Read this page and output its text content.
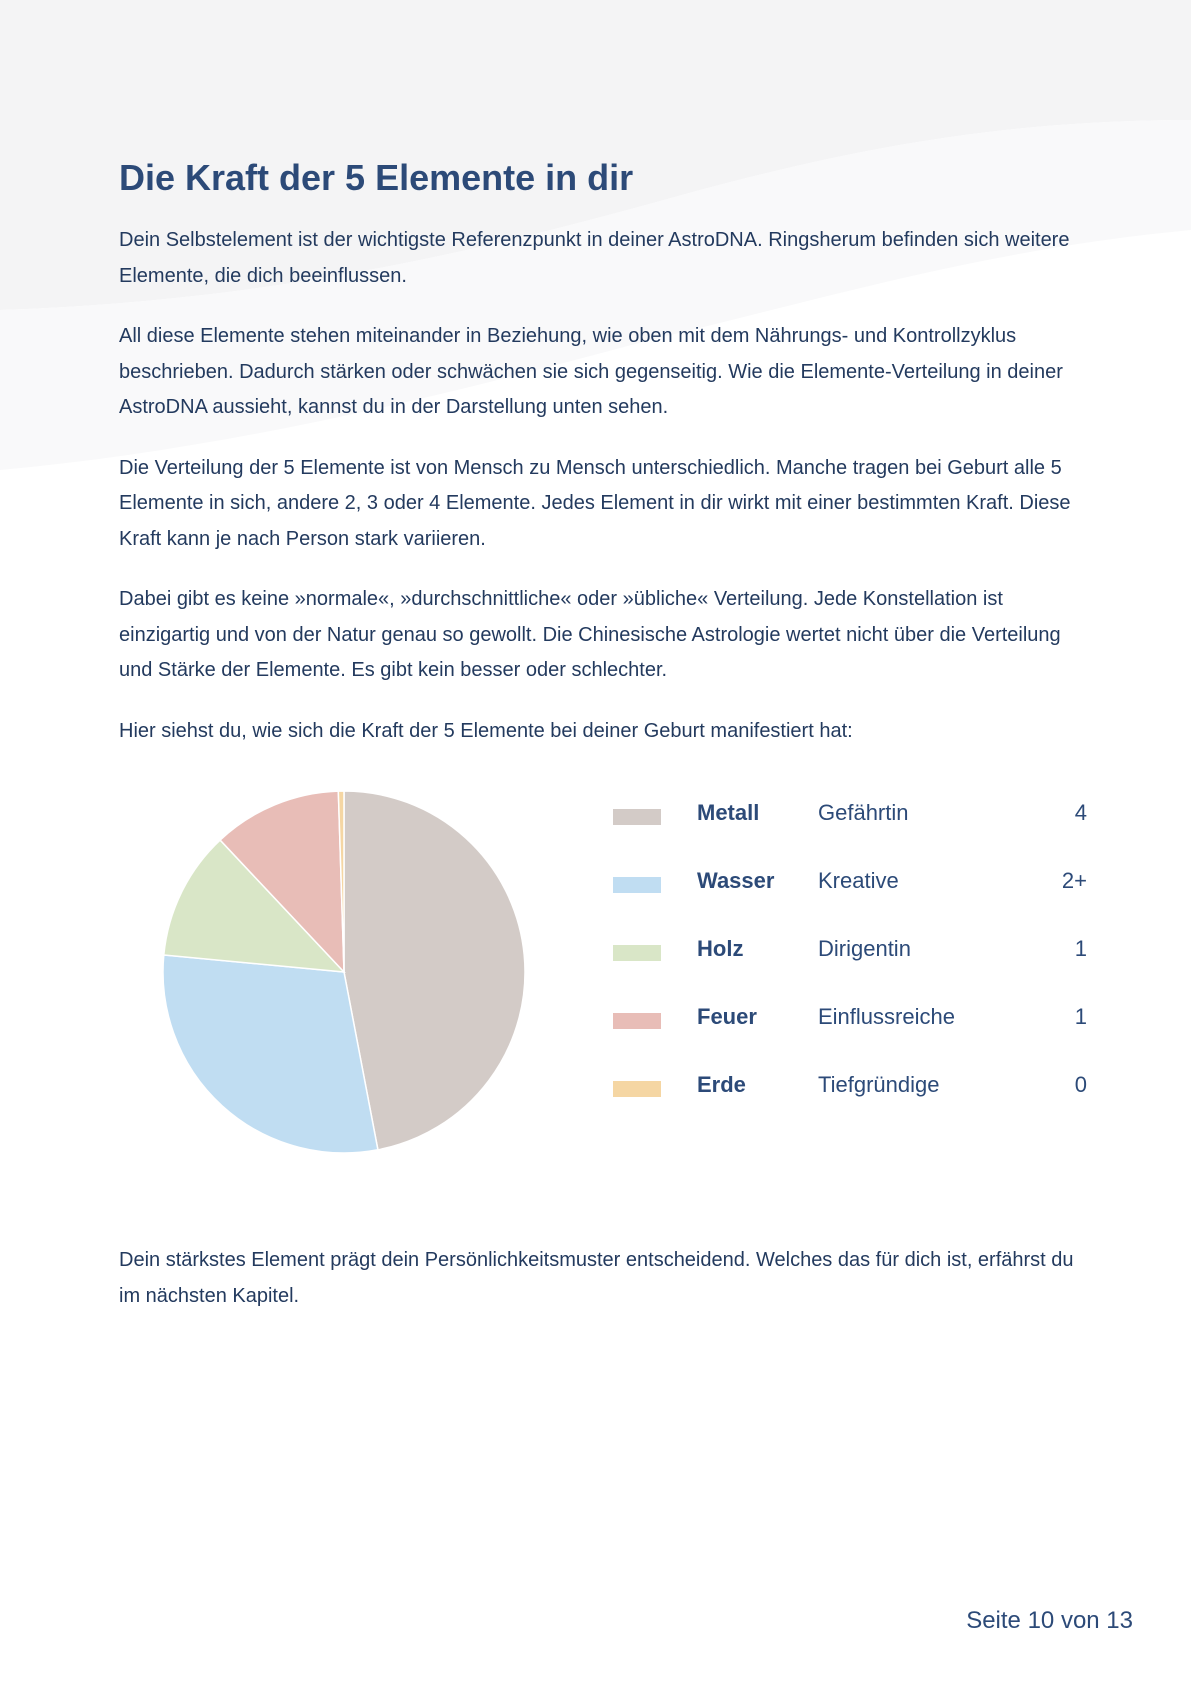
Die Kraft der 5 Elemente in dir

Dein Selbstelement ist der wichtigste Referenzpunkt in deiner AstroDNA. Ringsherum befinden sich weitere Elemente, die dich beeinflussen.

All diese Elemente stehen miteinander in Beziehung, wie oben mit dem Nährungs- und Kontrollzyklus beschrieben. Dadurch stärken oder schwächen sie sich gegenseitig. Wie die Elemente-Verteilung in deiner AstroDNA aussieht, kannst du in der Darstellung unten sehen.

Die Verteilung der 5 Elemente ist von Mensch zu Mensch unterschiedlich. Manche tragen bei Geburt alle 5 Elemente in sich, andere 2, 3 oder 4 Elemente. Jedes Element in dir wirkt mit einer bestimmten Kraft. Diese Kraft kann je nach Person stark variieren.

Dabei gibt es keine »normale«, »durchschnittliche« oder »übliche« Verteilung. Jede Konstellation ist einzigartig und von der Natur genau so gewollt. Die Chinesische Astrologie wertet nicht über die Verteilung und Stärke der Elemente. Es gibt kein besser oder schlechter.

Hier siehst du, wie sich die Kraft der 5 Elemente bei deiner Geburt manifestiert hat:

Metall	Gefährtin	4
Wasser Kreative	2+
Holz	Dirigentin	1
Feuer	Einflussreiche	1
Erde	Tiefgründige	0

Dein stärkstes Element prägt dein Persönlichkeitsmuster entscheidend. Welches das für dich ist, erfährst du im nächsten Kapitel.

Seite 10 von 13
